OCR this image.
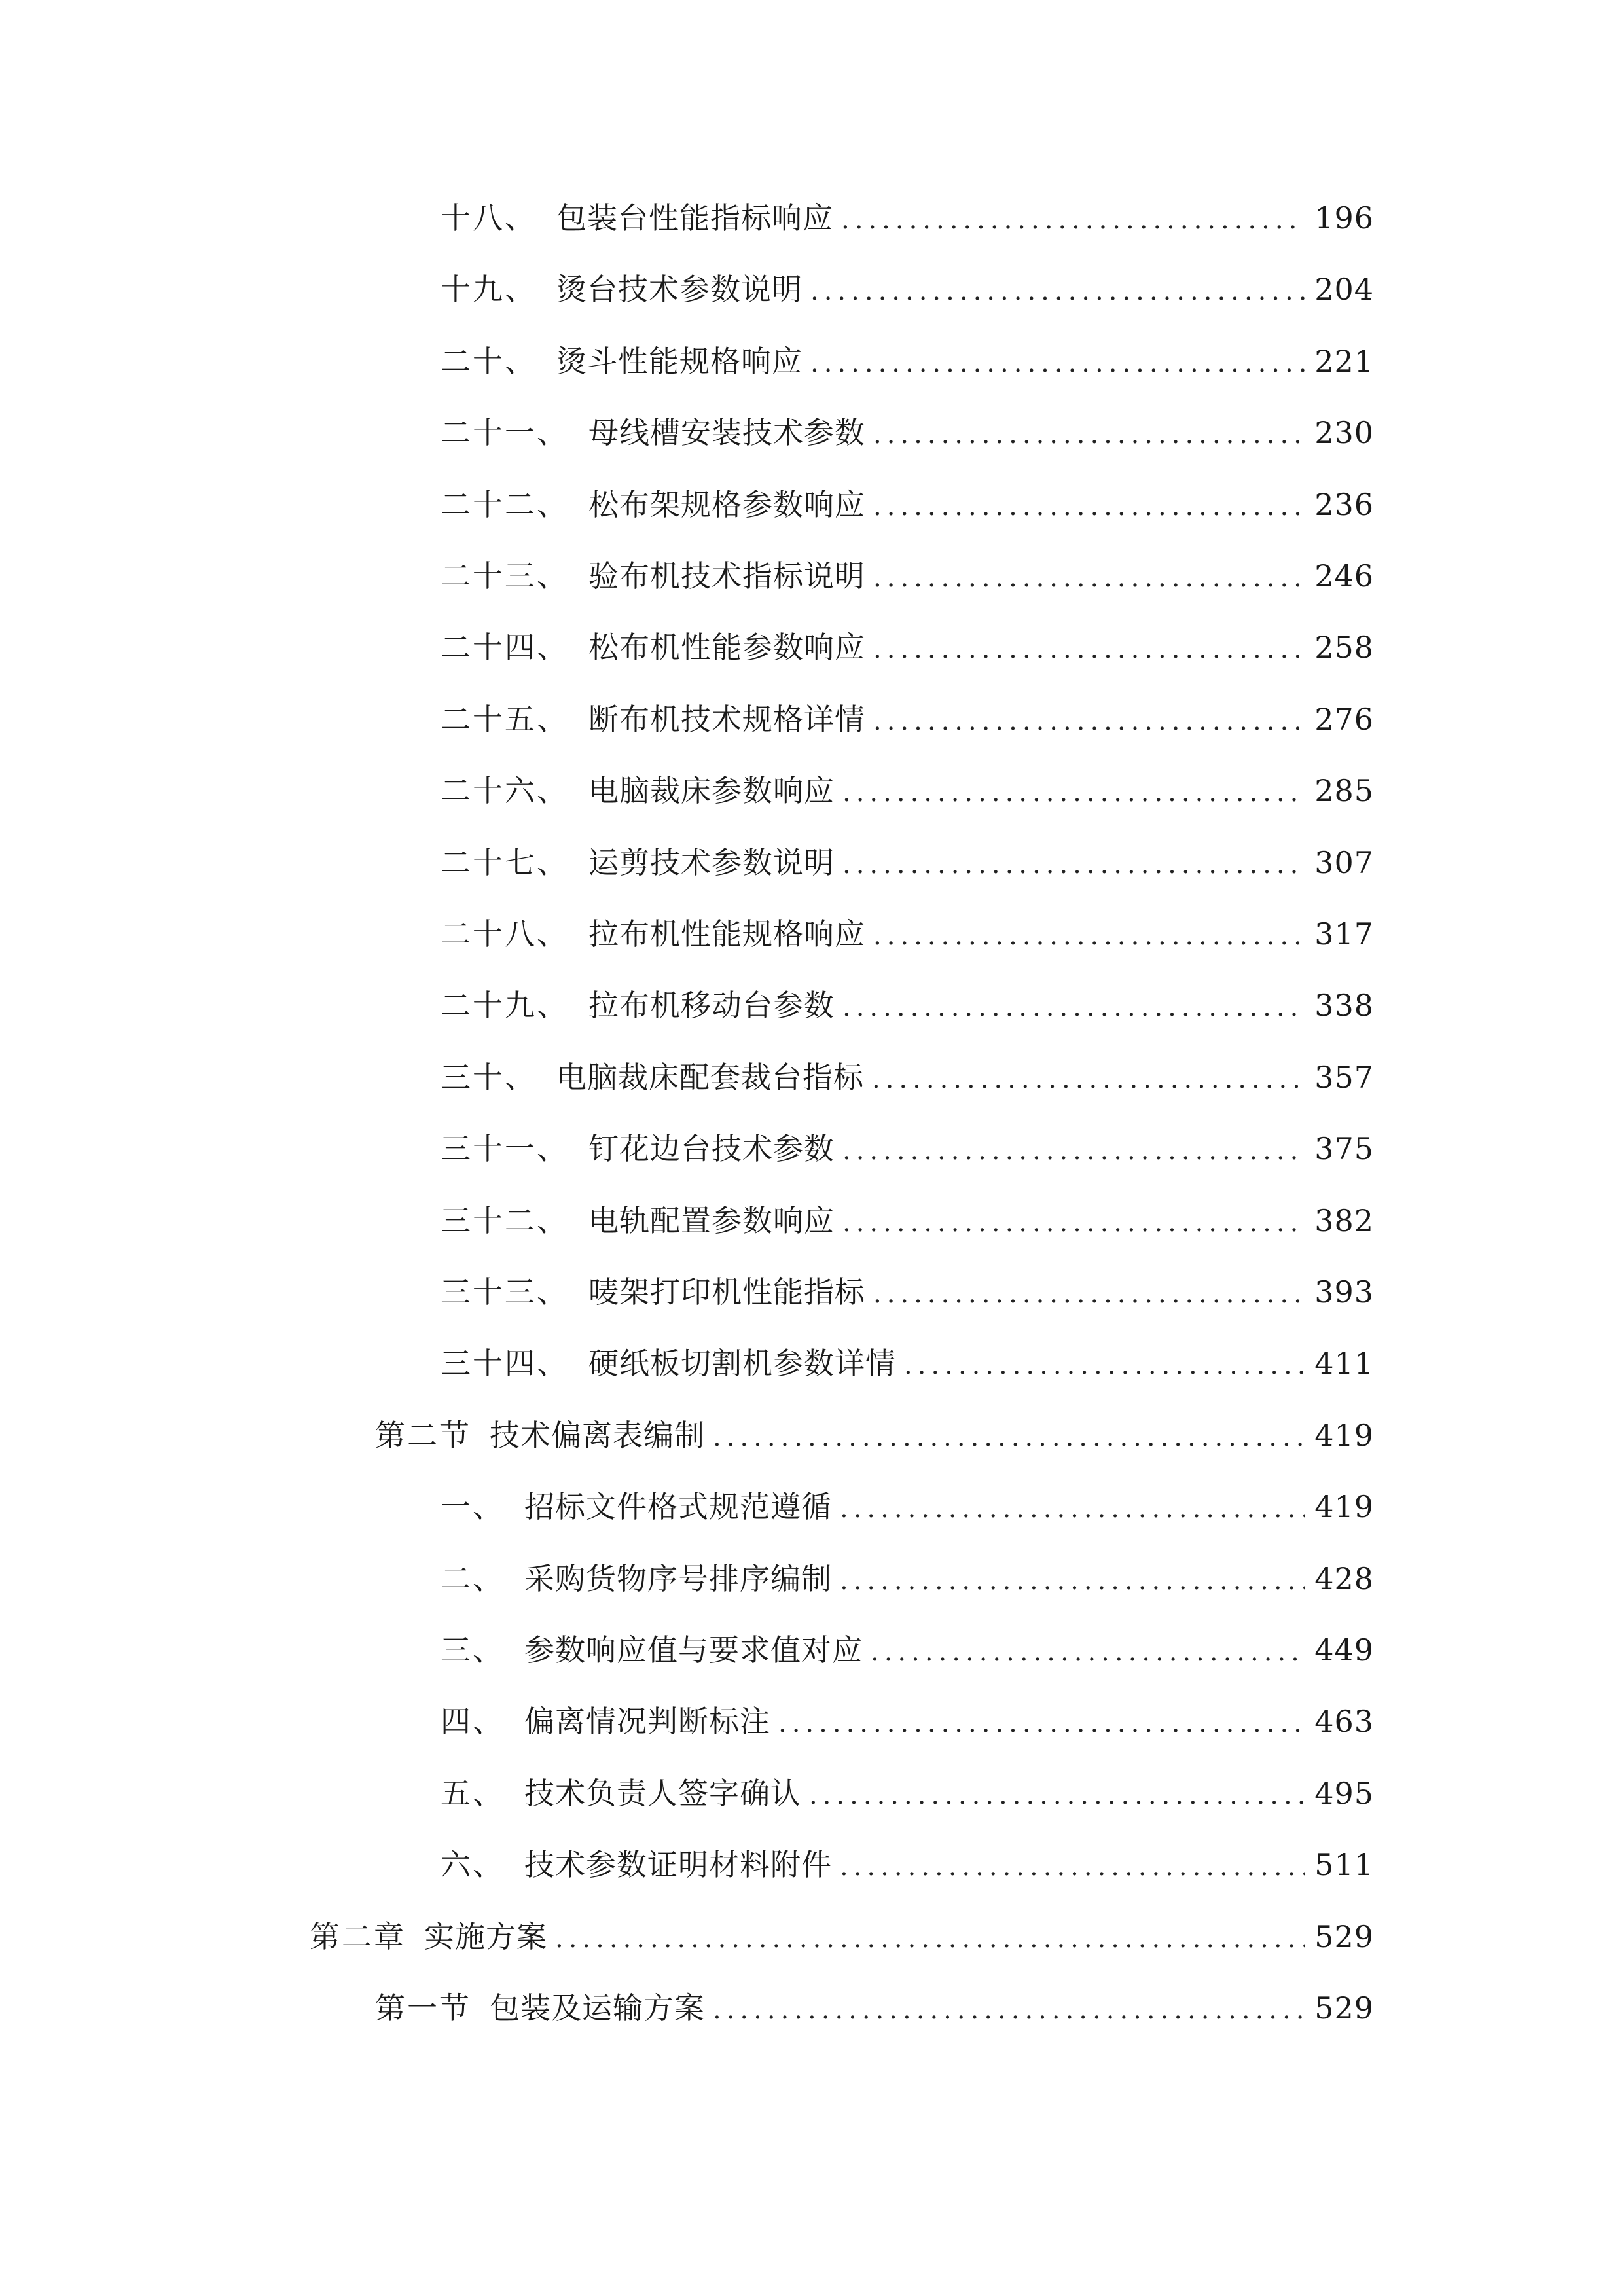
十八、 包装台性能指标响应 .....	196
十九、 烫台技术参数说明 .....	204
二十、 烫斗性能规格响应 .....	221
二十一、 母线槽安装技术参数 .....	230
二十二、 松布架规格参数响应 .....	236
二十三、 验布机技术指标说明 .....	246
二十四、 松布机性能参数响应 .....	258
二十五、 断布机技术规格详情 .....	276
二十六、 电脑裁床参数响应 .....	285
二十七、 运剪技术参数说明 .....	307
二十八、 拉布机性能规格响应 .....	317
二十九、 拉布机移动台参数 .....	338
三十、 电脑裁床配套裁台指标 .....	357
三十一、 钉花边台技术参数 .....	375
三十二、 电轨配置参数响应 .....	382
三十三、 唛架打印机性能指标 .....	393
三十四、 硬纸板切割机参数详情 .....	411
第二节 技术偏离表编制 .....	419
一、 招标文件格式规范遵循 .....	419
二、 采购货物序号排序编制 .....	428
三、 参数响应值与要求值对应 .....	449
四、 偏离情况判断标注 .....	463
五、 技术负责人签字确认 .....	495
六、 技术参数证明材料附件 .....	511
第二章 实施方案 .....	529
第一节 包装及运输方案 .....	529
